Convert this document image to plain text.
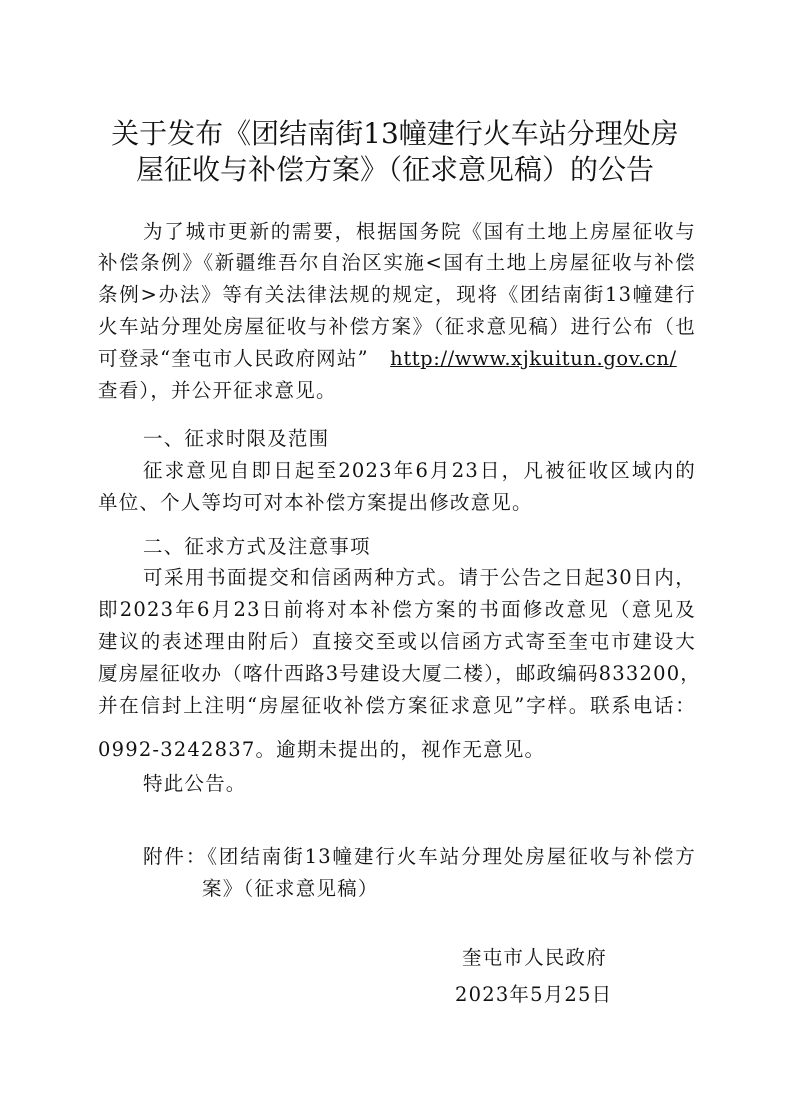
关于发布《团结南街13幢建行火车站分理处房
屋征收与补偿方案》（征求意见稿）的公告
为了城市更新的需要，根据国务院《国有土地上房屋征收与
补偿条例》《新疆维吾尔自治区实施<国有土地上房屋征收与补偿
条例>办法》等有关法律法规的规定，现将《团结南街13幢建行
火车站分理处房屋征收与补偿方案》（征求意见稿）进行公布（也
可登录“奎屯市人民政府网站” http://www.xjkuitun.gov.cn/
查看），并公开征求意见。
一、征求时限及范围
征求意见自即日起至2023年6月23日，凡被征收区域内的
单位、个人等均可对本补偿方案提出修改意见。
二、征求方式及注意事项
可采用书面提交和信函两种方式。请于公告之日起30日内，
即2023年6月23日前将对本补偿方案的书面修改意见（意见及
建议的表述理由附后）直接交至或以信函方式寄至奎屯市建设大
厦房屋征收办（喀什西路3号建设大厦二楼），邮政编码833200，
并在信封上注明“房屋征收补偿方案征求意见”字样。联系电话：
0992-3242837。逾期未提出的，视作无意见。
特此公告。
附件：《团结南街13幢建行火车站分理处房屋征收与补偿方
案》（征求意见稿）
奎屯市人民政府
2023年5月25日
